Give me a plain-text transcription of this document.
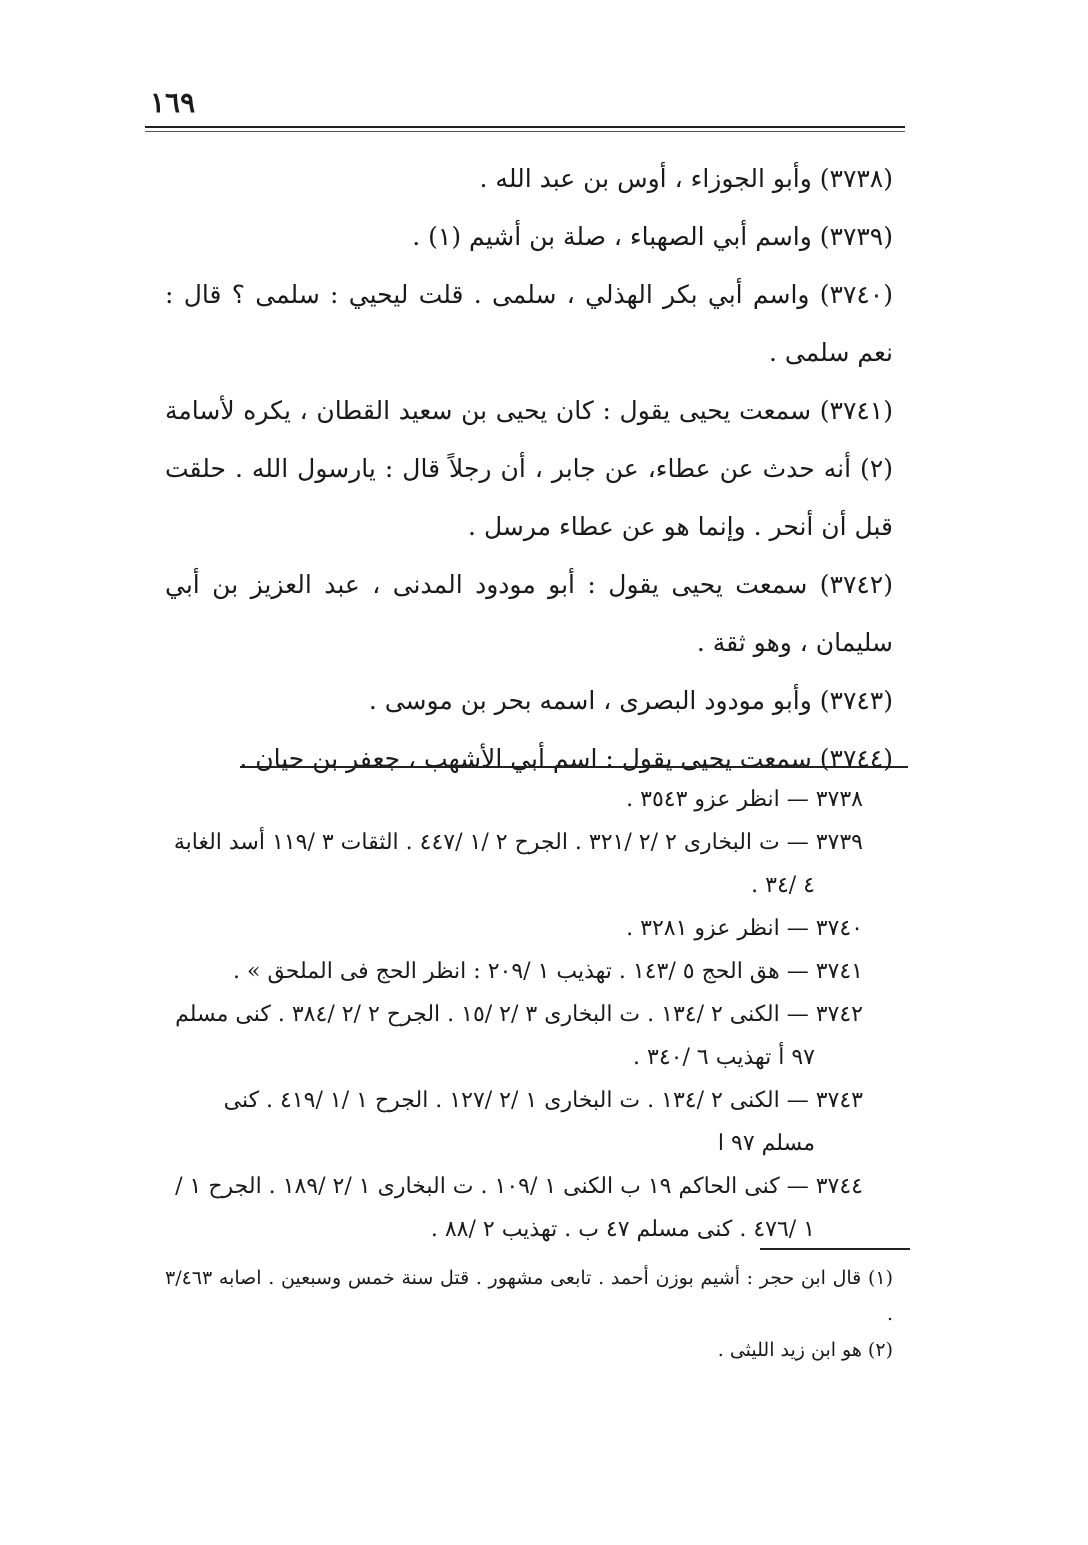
١٦٩

(٣٧٣٨) وأبو الجوزاء ، أوس بن عبد الله .

(٣٧٣٩) واسم أبي الصهباء ، صلة بن أشيم (١) .

(٣٧٤٠) واسم أبي بكر الهذلي ، سلمى . قلت ليحيي : سلمى ؟ قال : نعم سلمى .

(٣٧٤١) سمعت يحيى يقول : كان يحيى بن سعيد القطان ، يكره لأسامة (٢) أنه حدث عن عطاء، عن جابر ، أن رجلاً قال : يارسول الله . حلقت قبل أن أنحر . وإنما هو عن عطاء مرسل .

(٣٧٤٢) سمعت يحيى يقول : أبو مودود المدنى ، عبد العزيز بن أبي سليمان ، وهو ثقة .

(٣٧٤٣) وأبو مودود البصرى ، اسمه بحر بن موسى .

(٣٧٤٤) سمعت يحيى يقول : اسم أبي الأشهب ، جعفر بن حيان .

٣٧٣٨ — انظر عزو ٣٥٤٣ .

٣٧٣٩ — ت البخارى ٢ /٢ /٣٢١ . الجرح ٢ /١ /٤٤٧ . الثقات ٣ /١١٩ أسد الغابة ٤ /٣٤ .

٣٧٤٠ — انظر عزو ٣٢٨١ .

٣٧٤١ — هق الحج ٥ /١٤٣ . تهذيب ١ /٢٠٩ : انظر الحج فى الملحق » .

٣٧٤٢ — الكنى ٢ /١٣٤ . ت البخارى ٣ /٢ /١٥ . الجرح ٢ /٢ /٣٨٤ . كنى مسلم ٩٧ أ تهذيب ٦ /٣٤٠ .

٣٧٤٣ — الكنى ٢ /١٣٤ . ت البخارى ١ /٢ /١٢٧ . الجرح ١ /١ /٤١٩ . كنى مسلم ٩٧ ا

٣٧٤٤ — كنى الحاكم ١٩ ب الكنى ١ /١٠٩ . ت البخارى ١ /٢ /١٨٩ . الجرح ١ /١ /٤٧٦ . كنى مسلم ٤٧ ب . تهذيب ٢ /٨٨ .

(١) قال ابن حجر : أشيم بوزن أحمد . تابعى مشهور . قتل سنة خمس وسبعين . اصابه ٣/٤٦٣ .

(٢) هو ابن زيد الليثى .
